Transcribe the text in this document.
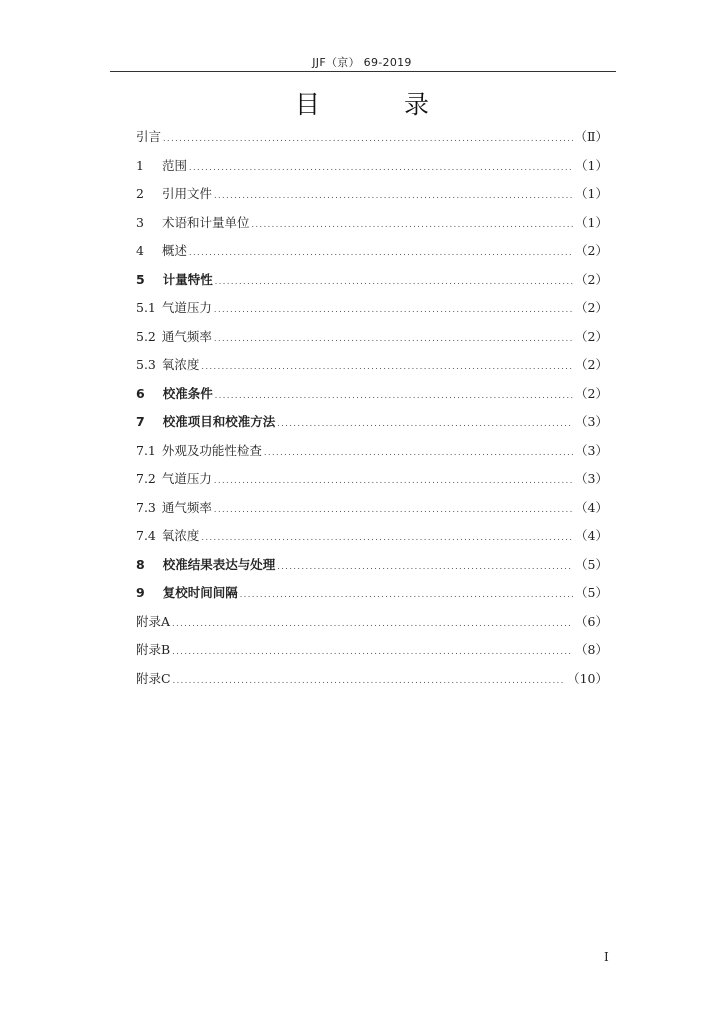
JJF（京） 69-2019
目 录
引言 .....	（Ⅱ）
1 范围 .....	（1）
2 引用文件 .....	（1）
3 术语和计量单位 .....	（1）
4 概述 .....	（2）
5 计量特性 .....	（2）
5.1 气道压力 .....	（2）
5.2 通气频率 .....	（2）
5.3 氧浓度 .....	（2）
6 校准条件 .....	（2）
7 校准项目和校准方法 .....	（3）
7.1 外观及功能性检查 .....	（3）
7.2 气道压力 .....	（3）
7.3 通气频率 .....	（4）
7.4 氧浓度 .....	（4）
8 校准结果表达与处理 .....	（5）
9 复校时间间隔 .....	（5）
附录A .....	（6）
附录B .....	（8）
附录C .....	（10）
I
